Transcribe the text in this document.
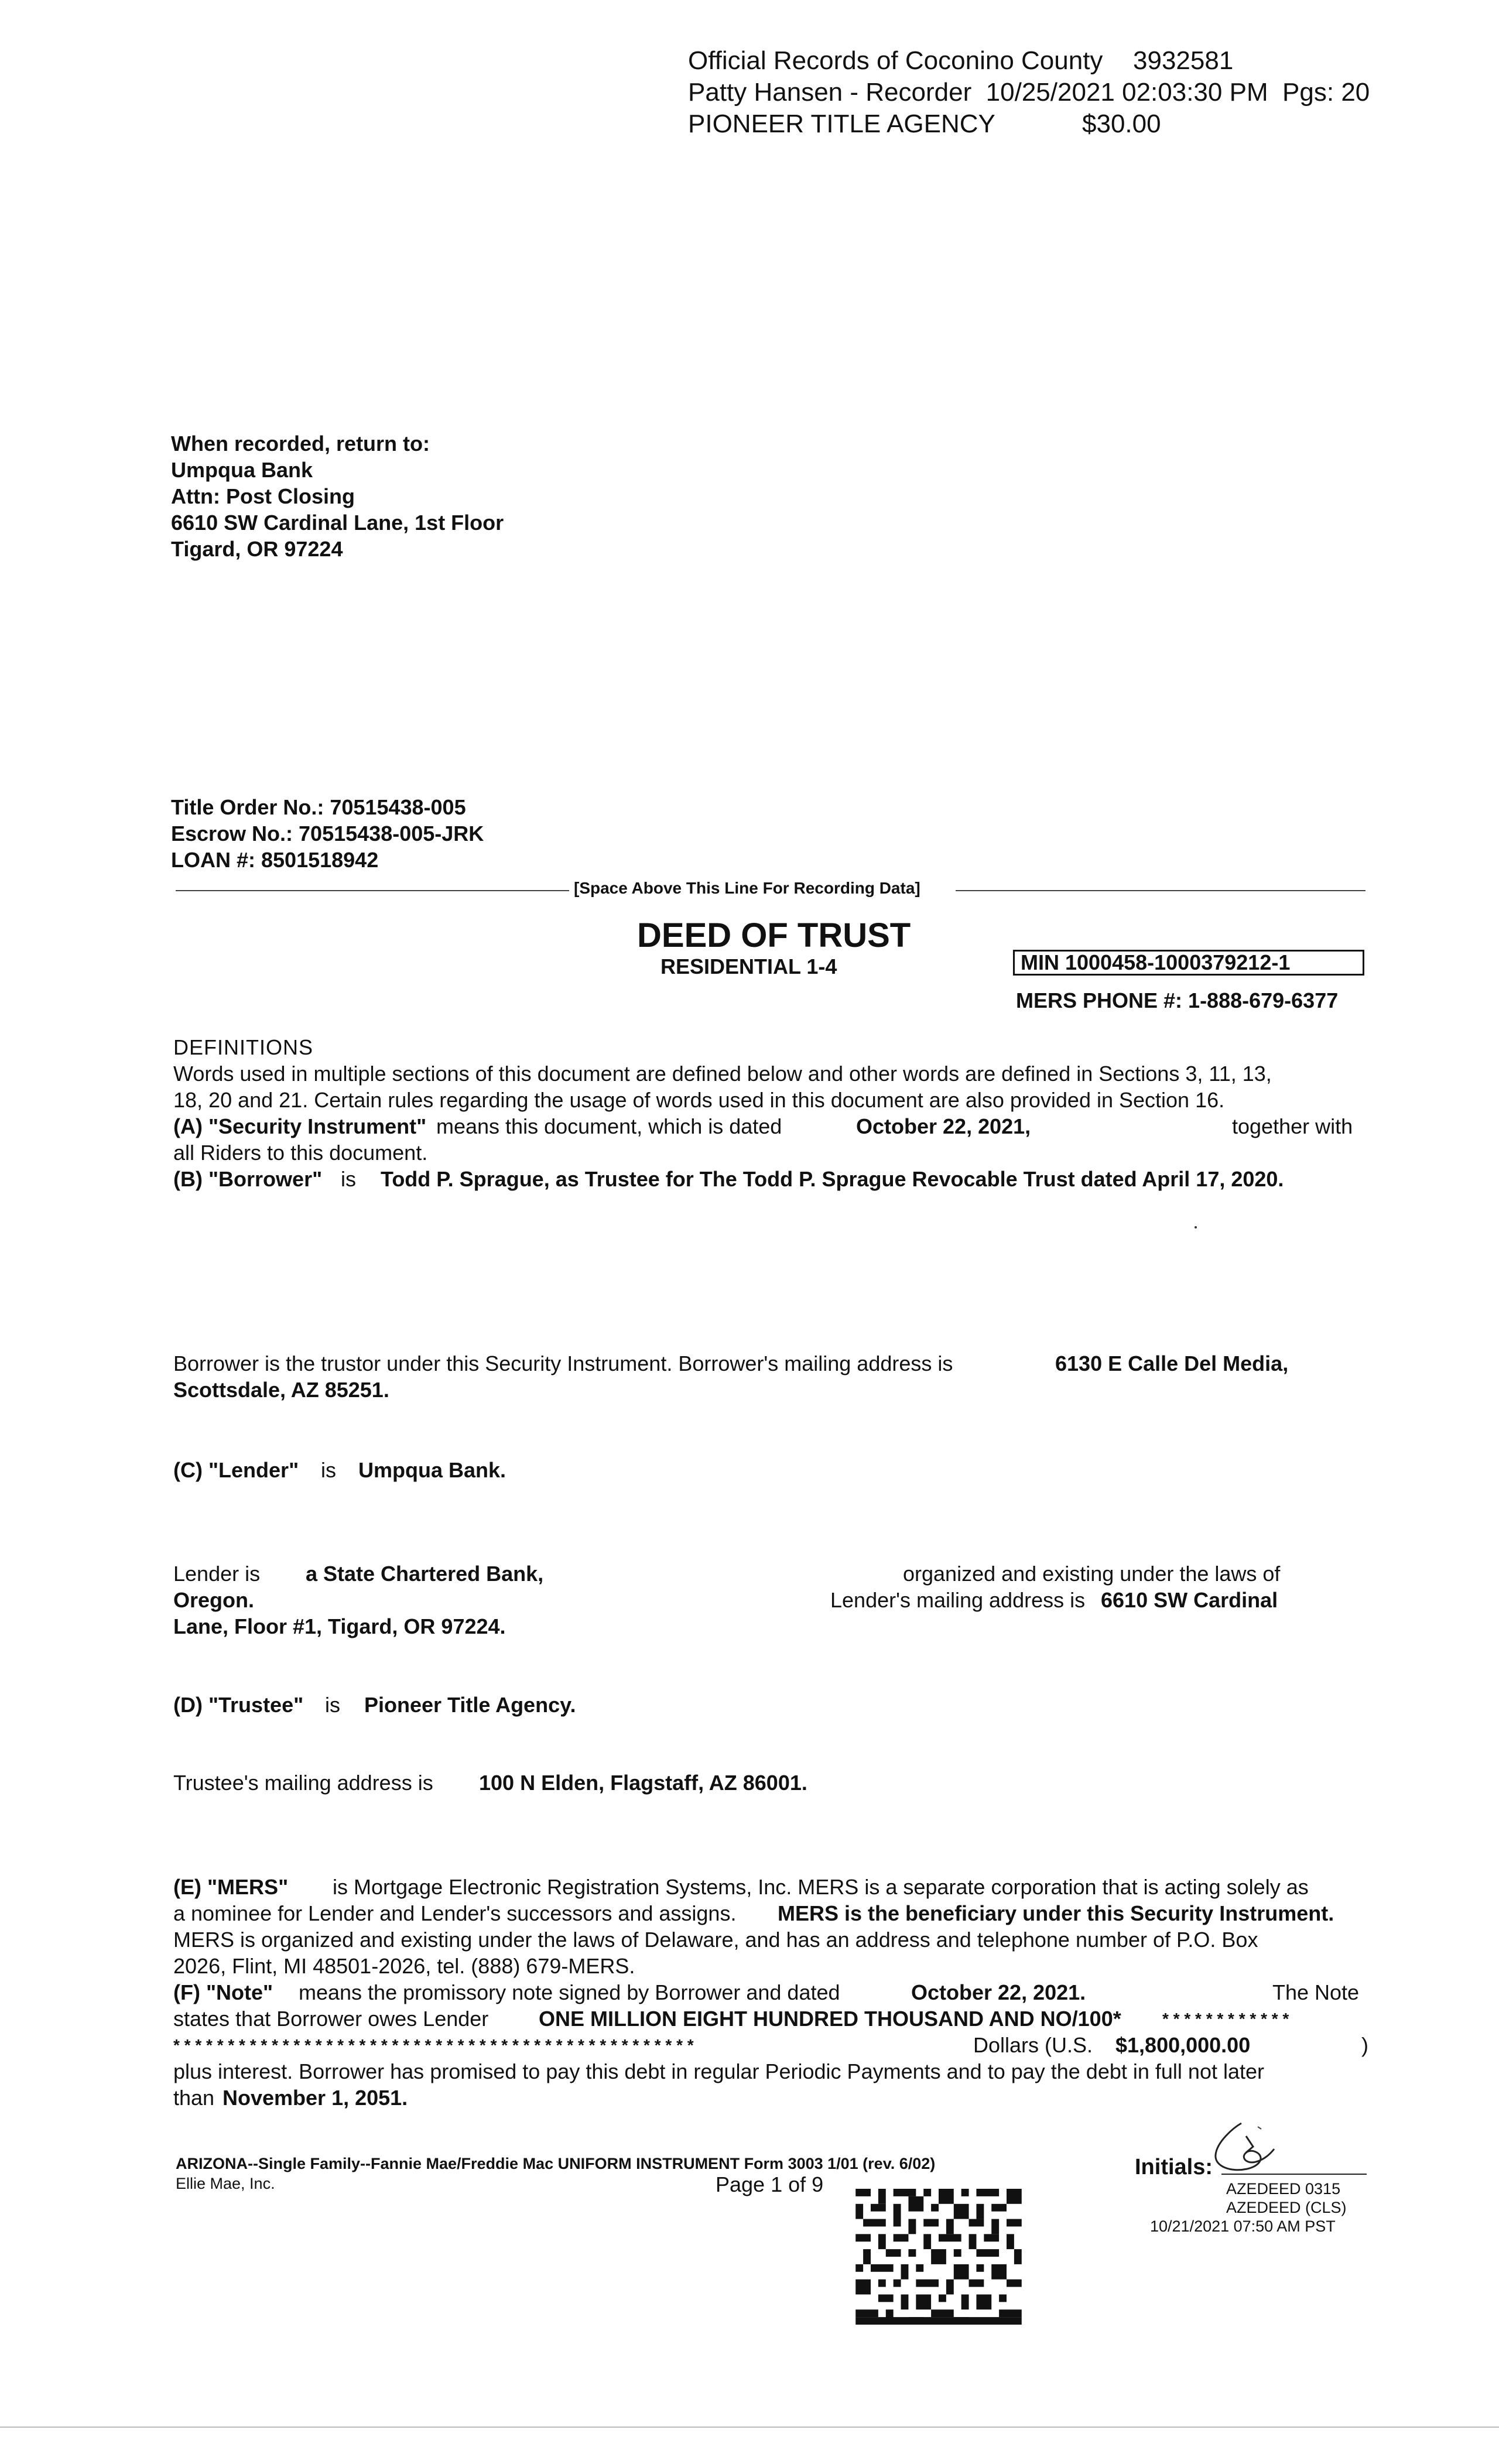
Official Records of Coconino County 3932581
Patty Hansen - Recorder  10/25/2021 02:03:30 PM  Pgs: 20
PIONEER TITLE AGENCY	$30.00
When recorded, return to:
Umpqua Bank
Attn: Post Closing
6610 SW Cardinal Lane, 1st Floor
Tigard, OR 97224
Title Order No.: 70515438-005
Escrow No.: 70515438-005-JRK
LOAN #: 8501518942
[Space Above This Line For Recording Data]
DEED OF TRUST
RESIDENTIAL 1-4	MIN 1000458-1000379212-1
MERS PHONE #: 1-888-679-6377
DEFINITIONS
Words used in multiple sections of this document are defined below and other words are defined in Sections 3, 11, 13,
18, 20 and 21. Certain rules regarding the usage of words used in this document are also provided in Section 16.
(A) "Security Instrument" means this document, which is dated	October 22, 2021,	together with
all Riders to this document.
(B) "Borrower" is Todd P. Sprague, as Trustee for The Todd P. Sprague Revocable Trust dated April 17, 2020.
Borrower is the trustor under this Security Instrument. Borrower's mailing address is	6130 E Calle Del Media,
Scottsdale, AZ 85251.
(C) "Lender" is Umpqua Bank.
Lender is a State Chartered Bank,	organized and existing under the laws of
Oregon.	Lender's mailing address is 6610 SW Cardinal
Lane, Floor #1, Tigard, OR 97224.
(D) "Trustee" is Pioneer Title Agency.
Trustee's mailing address is 100 N Elden, Flagstaff, AZ 86001.
(E) "MERS" is Mortgage Electronic Registration Systems, Inc. MERS is a separate corporation that is acting solely as
a nominee for Lender and Lender's successors and assigns. MERS is the beneficiary under this Security Instrument.
MERS is organized and existing under the laws of Delaware, and has an address and telephone number of P.O. Box
2026, Flint, MI 48501-2026, tel. (888) 679-MERS.
(F) "Note" means the promissory note signed by Borrower and dated	October 22, 2021.	The Note
states that Borrower owes Lender ONE MILLION EIGHT HUNDRED THOUSAND AND NO/100*	* * * * * * * * * * * *
* * * * * * * * * * * * * * * * * * * * * * * * * * * * * * * * * * * * * * * * * * * * * * * *	Dollars (U.S. $1,800,000.00	)
plus interest. Borrower has promised to pay this debt in regular Periodic Payments and to pay the debt in full not later
than November 1, 2051.
ARIZONA--Single Family--Fannie Mae/Freddie Mac UNIFORM INSTRUMENT Form 3003 1/01 (rev. 6/02)
Ellie Mae, Inc.	Page 1 of 9
Initials:
AZEDEED 0315
AZEDEED (CLS)
10/21/2021 07:50 AM PST
